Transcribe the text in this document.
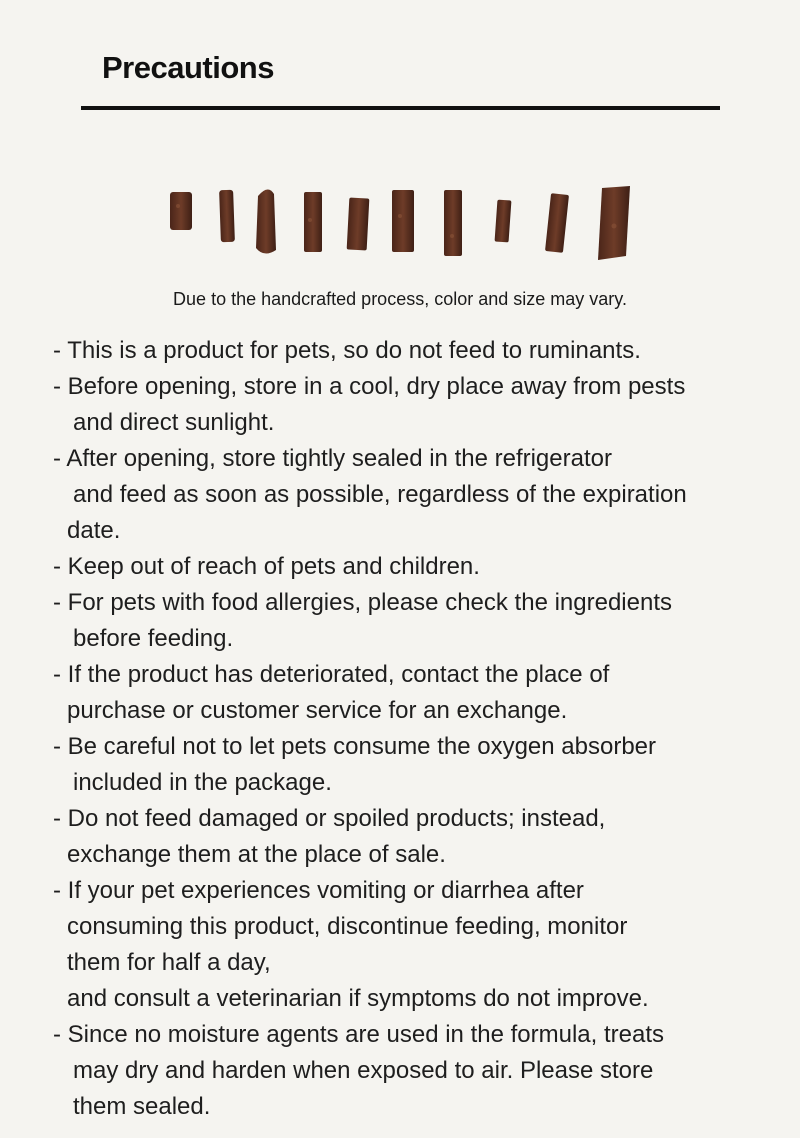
Precautions
Due to the handcrafted process, color and size may vary.
- This is a product for pets, so do not feed to ruminants.
- Before opening, store in a cool, dry place away from pests
and direct sunlight.
- After opening, store tightly sealed in the refrigerator
and feed as soon as possible, regardless of the expiration
date.
- Keep out of reach of pets and children.
- For pets with food allergies, please check the ingredients
before feeding.
- If the product has deteriorated, contact the place of
purchase or customer service for an exchange.
- Be careful not to let pets consume the oxygen absorber
included in the package.
- Do not feed damaged or spoiled products; instead,
exchange them at the place of sale.
- If your pet experiences vomiting or diarrhea after
consuming this product, discontinue feeding, monitor
them for half a day,
and consult a veterinarian if symptoms do not improve.
- Since no moisture agents are used in the formula, treats
may dry and harden when exposed to air. Please store
them sealed.
